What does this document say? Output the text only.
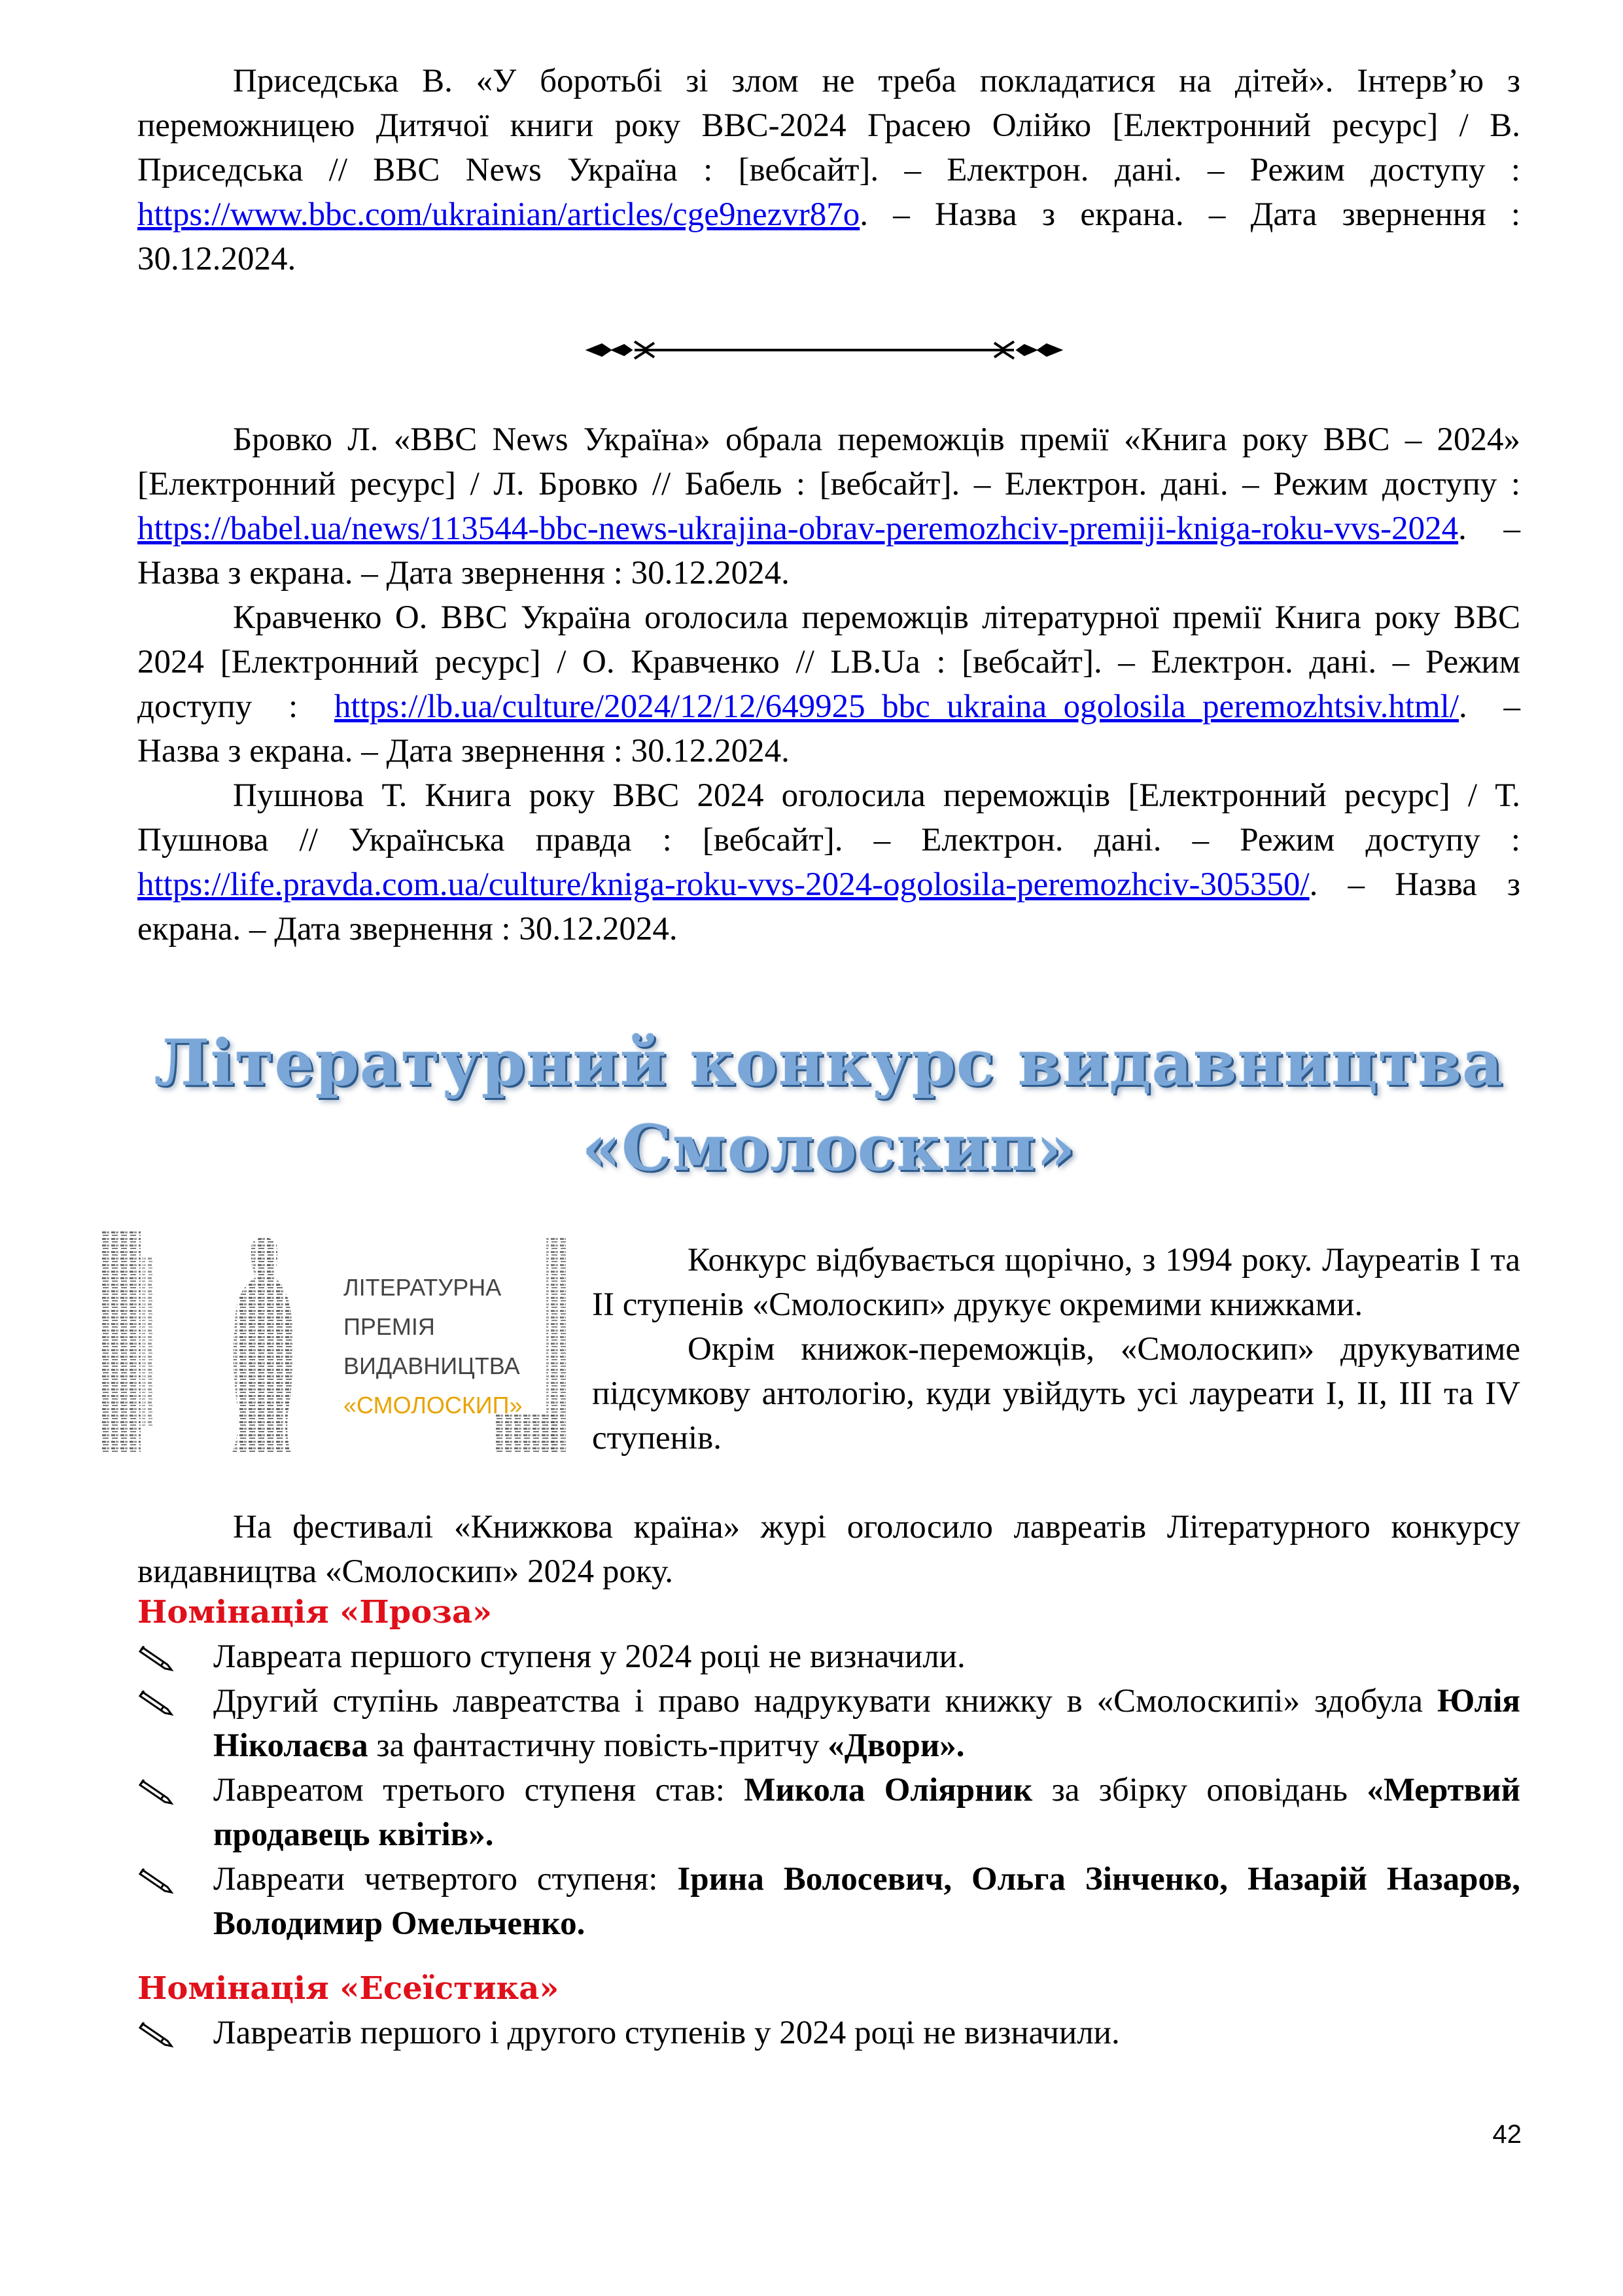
Приседська В. «У боротьбі зі злом не треба покладатися на дітей». Інтерв’ю з переможницею Дитячої книги року ВВС-2024 Грасею Олійко [Електронний ресурс] / В. Приседська // BBC News Україна : [вебсайт]. – Електрон. дані. – Режим доступу : https://www.bbc.com/ukrainian/articles/cge9nezvr87o. – Назва з екрана. – Дата звернення : 30.12.2024.

Бровко Л. «BBC News Україна» обрала переможців премії «Книга року ВВС – 2024» [Електронний ресурс] / Л. Бровко // Бабель : [вебсайт]. – Електрон. дані. – Режим доступу : https://babel.ua/news/113544-bbc-news-ukrajina-obrav-peremozhciv-premiji-kniga-roku-vvs-2024. – Назва з екрана. – Дата звернення : 30.12.2024.

Кравченко О. ВВС Україна оголосила переможців літературної премії Книга року ВВС 2024 [Електронний ресурс] / О. Кравченко // LB.Ua : [вебсайт]. – Електрон. дані. – Режим доступу : https://lb.ua/culture/2024/12/12/649925_bbc_ukraina_ogolosila_peremozhtsiv.html/. – Назва з екрана. – Дата звернення : 30.12.2024.

Пушнова Т. Книга року ВВС 2024 оголосила переможців [Електронний ресурс] / Т. Пушнова // Українська правда : [вебсайт]. – Електрон. дані. – Режим доступу : https://life.pravda.com.ua/culture/kniga-roku-vvs-2024-ogolosila-peremozhciv-305350/. – Назва з екрана. – Дата звернення : 30.12.2024.

Літературний конкурс видавництва
«Смолоскип»
ЛІТЕРАТУРНА
ПРЕМІЯ
ВИДАВНИЦТВА
«СМОЛОСКИП»

Конкурс відбувається щорічно, з 1994 року. Лауреатів I та II ступенів «Смолоскип» друкує окремими книжками.

Окрім книжок-переможців, «Смолоскип» друкуватиме підсумкову антологію, куди увійдуть усі лауреати I, II, III та IV ступенів.

На фестивалі «Книжкова країна» журі оголосило лавреатів Літературного конкурсу видавництва «Смолоскип» 2024 року.

Номінація «Проза»

Лавреата першого ступеня у 2024 році не визначили.
Другий ступінь лавреатства і право надрукувати книжку в «Смолоскипі» здобула Юлія Ніколаєва за фантастичну повість-притчу «Двори».
Лавреатом третього ступеня став: Микола Оліярник за збірку оповідань «Мертвий продавець квітів».
Лавреати четвертого ступеня: Ірина Волосевич, Ольга Зінченко, Назарій Назаров, Володимир Омельченко.

Номінація «Есеїстика»

Лавреатів першого і другого ступенів у 2024 році не визначили.
42
